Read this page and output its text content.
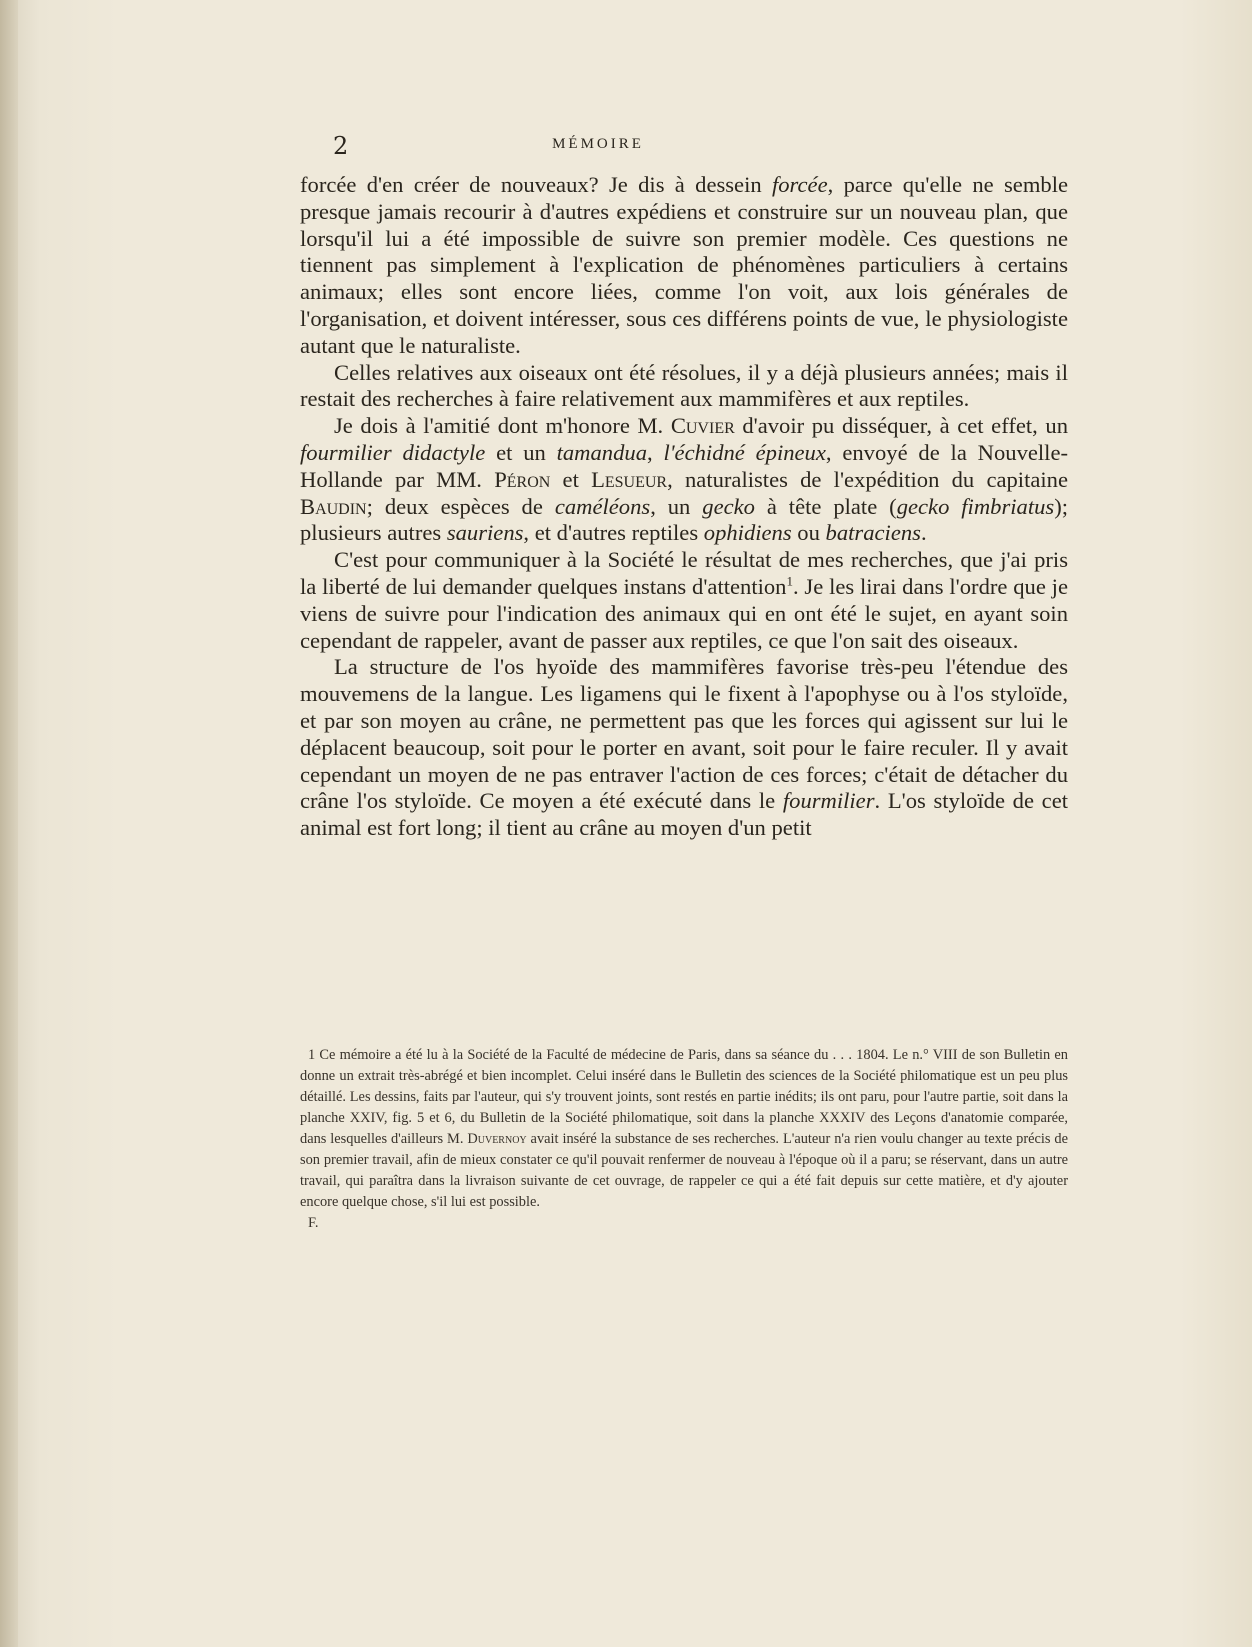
2	MÉMOIRE

forcée d'en créer de nouveaux? Je dis à dessein forcée, parce qu'elle ne semble presque jamais recourir à d'autres expédiens et construire sur un nouveau plan, que lorsqu'il lui a été impossible de suivre son premier modèle. Ces questions ne tiennent pas simplement à l'explication de phénomènes particuliers à certains animaux; elles sont encore liées, comme l'on voit, aux lois générales de l'organisation, et doivent intéresser, sous ces différens points de vue, le physiologiste autant que le naturaliste.

Celles relatives aux oiseaux ont été résolues, il y a déjà plusieurs années; mais il restait des recherches à faire relativement aux mammifères et aux reptiles.

Je dois à l'amitié dont m'honore M. Cuvier d'avoir pu disséquer, à cet effet, un fourmilier didactyle et un tamandua, l'échidné épineux, envoyé de la Nouvelle-Hollande par MM. Péron et Lesueur, naturalistes de l'expédition du capitaine Baudin; deux espèces de caméléons, un gecko à tête plate (gecko fimbriatus); plusieurs autres sauriens, et d'autres reptiles ophidiens ou batraciens.

C'est pour communiquer à la Société le résultat de mes recherches, que j'ai pris la liberté de lui demander quelques instans d'attention$^1$. Je les lirai dans l'ordre que je viens de suivre pour l'indication des animaux qui en ont été le sujet, en ayant soin cependant de rappeler, avant de passer aux reptiles, ce que l'on sait des oiseaux.

La structure de l'os hyoïde des mammifères favorise très-peu l'étendue des mouvemens de la langue. Les ligamens qui le fixent à l'apophyse ou à l'os styloïde, et par son moyen au crâne, ne permettent pas que les forces qui agissent sur lui le déplacent beaucoup, soit pour le porter en avant, soit pour le faire reculer. Il y avait cependant un moyen de ne pas entraver l'action de ces forces; c'était de détacher du crâne l'os styloïde. Ce moyen a été exécuté dans le fourmilier. L'os styloïde de cet animal est fort long; il tient au crâne au moyen d'un petit

1 Ce mémoire a été lu à la Société de la Faculté de médecine de Paris, dans sa séance du . . . 1804. Le n.° VIII de son Bulletin en donne un extrait très-abrégé et bien incomplet. Celui inséré dans le Bulletin des sciences de la Société philomatique est un peu plus détaillé. Les dessins, faits par l'auteur, qui s'y trouvent joints, sont restés en partie inédits; ils ont paru, pour l'autre partie, soit dans la planche XXIV, fig. 5 et 6, du Bulletin de la Société philomatique, soit dans la planche XXXIV des Leçons d'anatomie comparée, dans lesquelles d'ailleurs M. Duvernoy avait inséré la substance de ses recherches. L'auteur n'a rien voulu changer au texte précis de son premier travail, afin de mieux constater ce qu'il pouvait renfermer de nouveau à l'époque où il a paru; se réservant, dans un autre travail, qui paraîtra dans la livraison suivante de cet ouvrage, de rappeler ce qui a été fait depuis sur cette matière, et d'y ajouter encore quelque chose, s'il lui est possible.

F.
